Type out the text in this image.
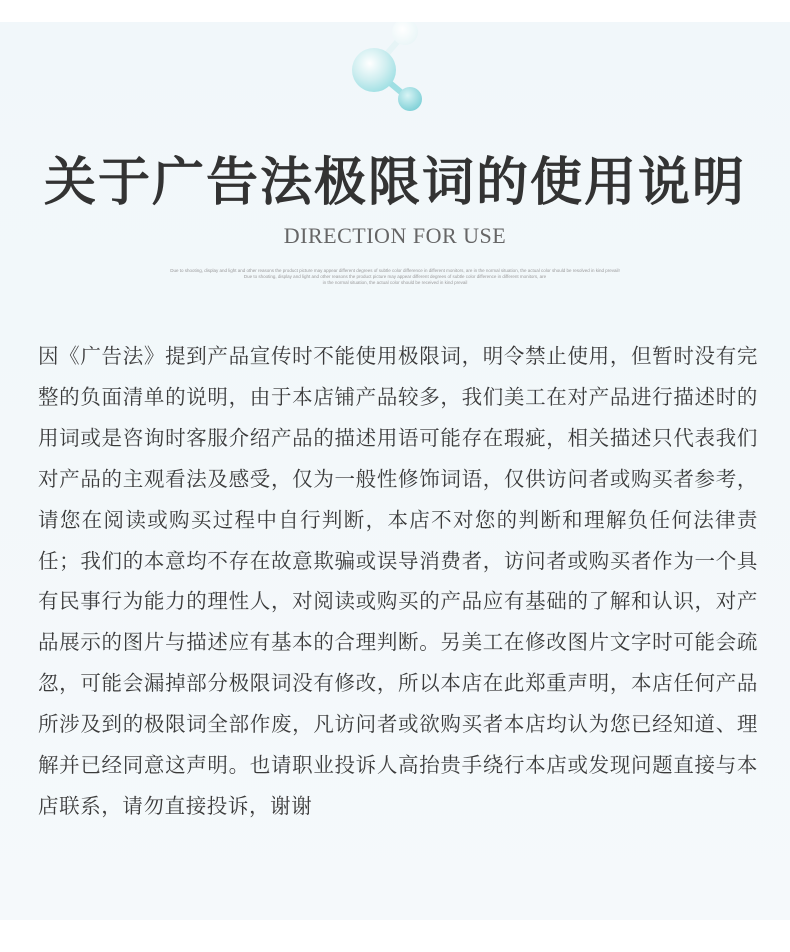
关于广告法极限词的使用说明
DIRECTION FOR USE
Due to shooting, display and light and other reasons the product picture may appear different degrees of subtle color difference in different monitors, are in the normal situation, the actual color should be resolved in kind prevail!
Due to shooting, display and light and other reasons the product picture may appear different degrees of subtle color difference in different monitors, are
in the normal situation, the actual color should be received in kind prevail

因《广告法》提到产品宣传时不能使用极限词，明令禁止使用，但暂时没有完整的负面清单的说明，由于本店铺产品较多，我们美工在对产品进行描述时的用词或是咨询时客服介绍产品的描述用语可能存在瑕疵，相关描述只代表我们对产品的主观看法及感受，仅为一般性修饰词语，仅供访问者或购买者参考，请您在阅读或购买过程中自行判断，本店不对您的判断和理解负任何法律责任；我们的本意均不存在故意欺骗或误导消费者，访问者或购买者作为一个具有民事行为能力的理性人，对阅读或购买的产品应有基础的了解和认识，对产品展示的图片与描述应有基本的合理判断。另美工在修改图片文字时可能会疏忽，可能会漏掉部分极限词没有修改，所以本店在此郑重声明，本店任何产品所涉及到的极限词全部作废，凡访问者或欲购买者本店均认为您已经知道、理解并已经同意这声明。也请职业投诉人高抬贵手绕行本店或发现问题直接与本店联系，请勿直接投诉，谢谢
